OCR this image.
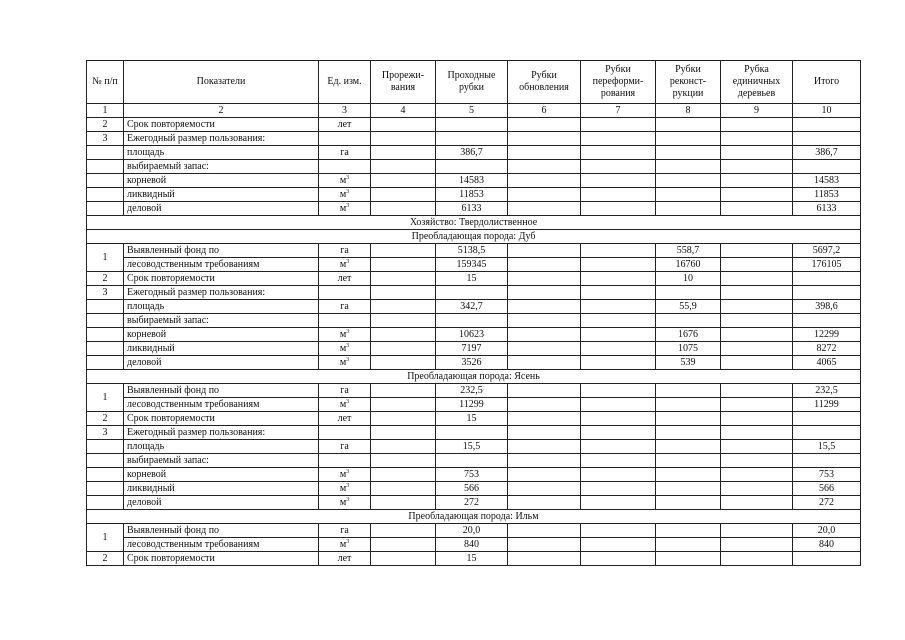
№ п/п	Показатели	Ед. изм.	Прорежи-вания	Проходные рубки	Рубки обновления	Рубки переформи-рования	Рубки реконст-рукции	Рубка единичных деревьев	Итого
1	2	3	4	5	6	7	8	9	10
2	Срок повторяемости	лет							
3	Ежегодный размер пользования:								
	площадь	га		386,7					386,7
	выбираемый запас:								
	корневой	$м^3$		14583					14583
	ликвидный	$м^3$		11853					11853
	деловой	$м^3$		6133					6133
Хозяйство: Твердолиственное									
Преобладающая порода: Дуб									
1	Выявленный фонд по	га		5138,5			558,7		5697,2
	лесоводственным требованиям	$м^3$		159345			16760		176105
2	Срок повторяемости	лет		15			10		
3	Ежегодный размер пользования:								
	площадь	га		342,7			55,9		398,6
	выбираемый запас:								
	корневой	$м^3$		10623			1676		12299
	ликвидный	$м^3$		7197			1075		8272
	деловой	$м^3$		3526			539		4065
Преобладающая порода: Ясень									
1	Выявленный фонд по	га		232,5					232,5
	лесоводственным требованиям	$м^3$		11299					11299
2	Срок повторяемости	лет		15					
3	Ежегодный размер пользования:								
	площадь	га		15,5					15,5
	выбираемый запас:								
	корневой	$м^3$		753					753
	ликвидный	$м^3$		566					566
	деловой	$м^3$		272					272
Преобладающая порода: Ильм									
1	Выявленный фонд по	га		20,0					20,0
	лесоводственным требованиям	$м^3$		840					840
2	Срок повторяемости	лет		15					
